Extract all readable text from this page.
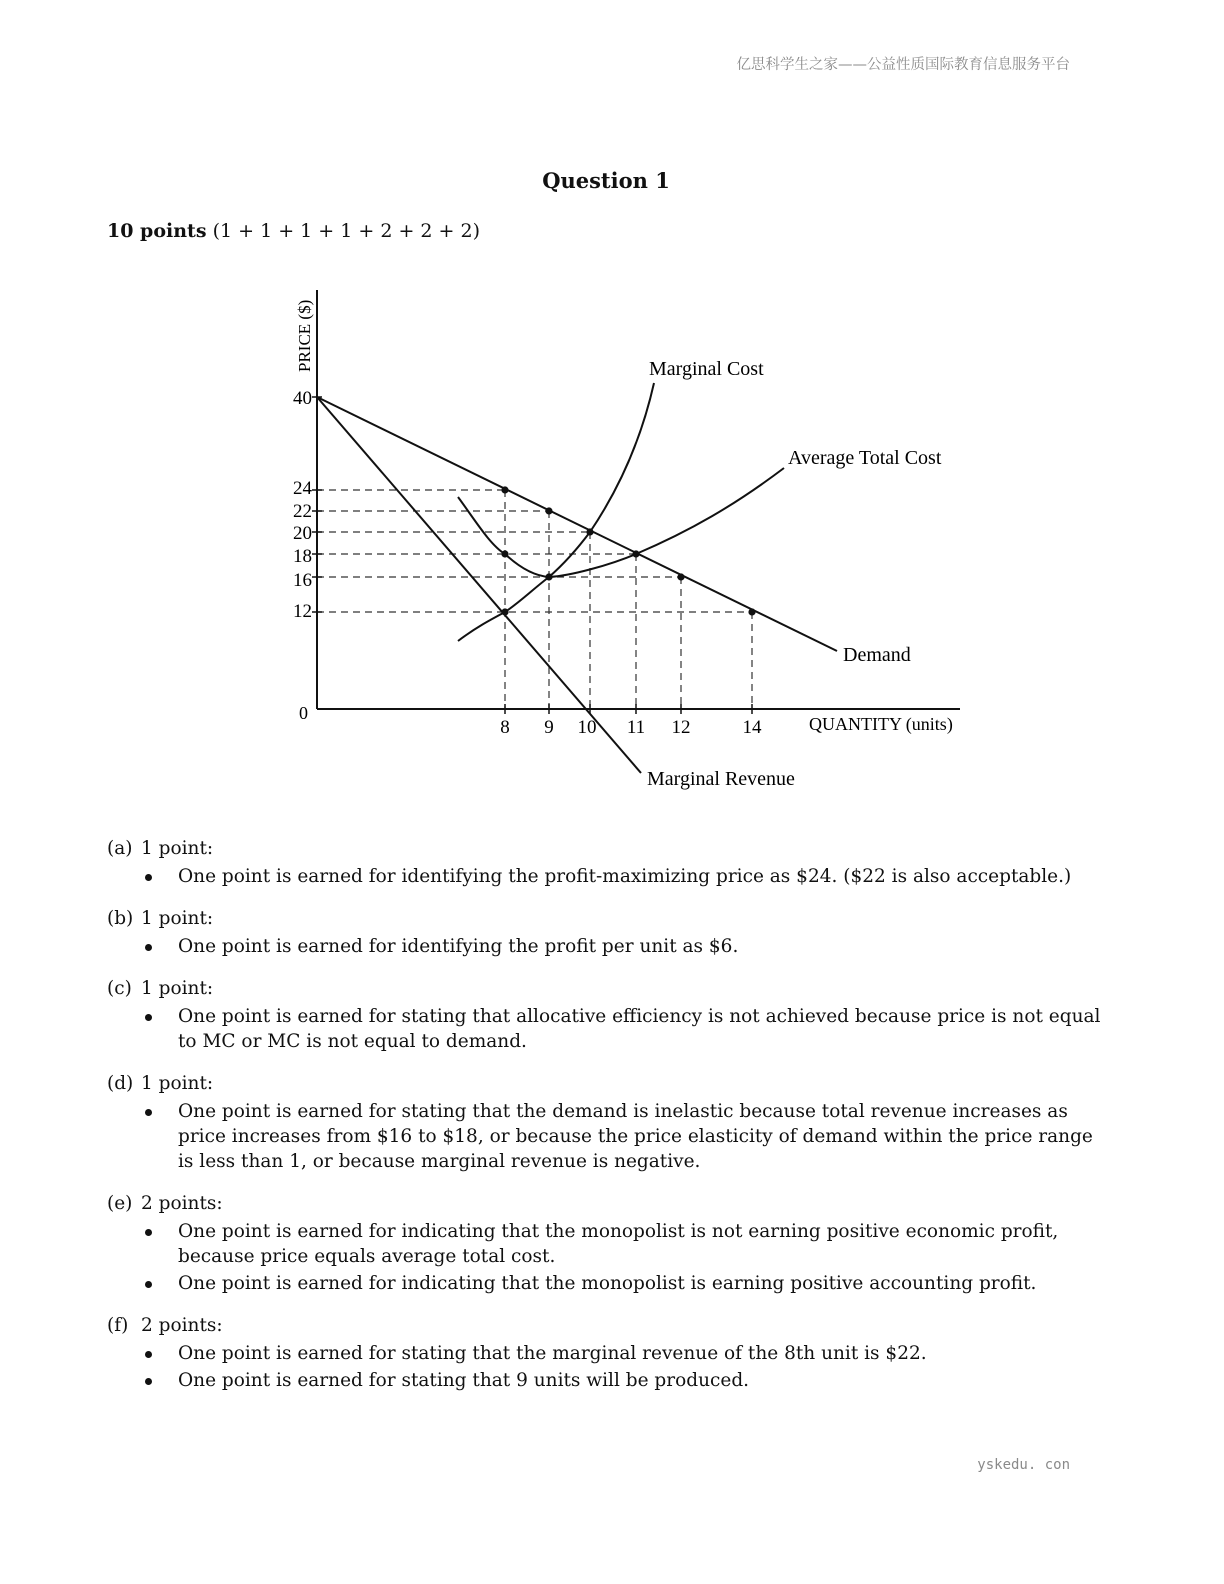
亿思科学生之家——公益性质国际教育信息服务平台
Question 1
10 points (1 + 1 + 1 + 1 + 2 + 2 + 2)
PRICE ($)
QUANTITY (units)
0
Marginal Cost
Average Total Cost
Demand
Marginal Revenue
40
24
22
20
18
16
12
8 9 10 11 12	14
(a) 1 point:
One point is earned for identifying the profit-maximizing price as $24. ($22 is also acceptable.)
(b) 1 point:
One point is earned for identifying the profit per unit as $6.
(c) 1 point:
One point is earned for stating that allocative efficiency is not achieved because price is not equal to MC or MC is not equal to demand.
(d) 1 point:
One point is earned for stating that the demand is inelastic because total revenue increases as price increases from $16 to $18, or because the price elasticity of demand within the price range is less than 1, or because marginal revenue is negative.
(e) 2 points:
One point is earned for indicating that the monopolist is not earning positive economic profit, because price equals average total cost.
One point is earned for indicating that the monopolist is earning positive accounting profit.
(f) 2 points:
One point is earned for stating that the marginal revenue of the 8th unit is $22.
One point is earned for stating that 9 units will be produced.
yskedu. con
